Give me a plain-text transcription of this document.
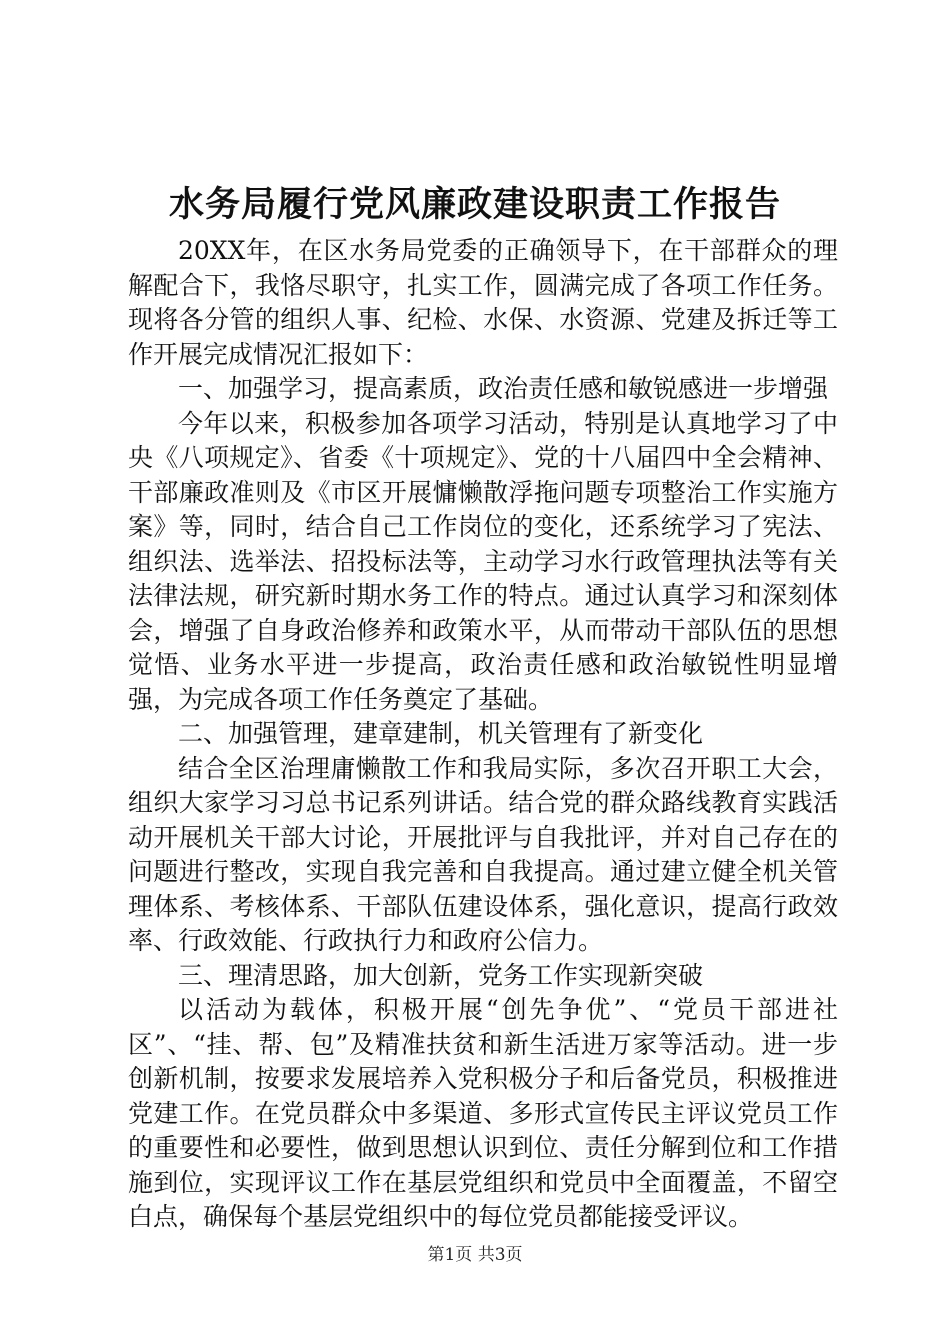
水务局履行党风廉政建设职责工作报告

20XX年，在区水务局党委的正确领导下，在干部群众的理解配合下，我恪尽职守，扎实工作，圆满完成了各项工作任务。现将各分管的组织人事、纪检、水保、水资源、党建及拆迁等工作开展完成情况汇报如下：

一、加强学习，提高素质，政治责任感和敏锐感进一步增强

今年以来，积极参加各项学习活动，特别是认真地学习了中央《八项规定》、省委《十项规定》、党的十八届四中全会精神、干部廉政准则及《市区开展慵懒散浮拖问题专项整治工作实施方案》等，同时，结合自己工作岗位的变化，还系统学习了宪法、组织法、选举法、招投标法等，主动学习水行政管理执法等有关法律法规，研究新时期水务工作的特点。通过认真学习和深刻体会，增强了自身政治修养和政策水平，从而带动干部队伍的思想觉悟、业务水平进一步提高，政治责任感和政治敏锐性明显增强，为完成各项工作任务奠定了基础。

二、加强管理，建章建制，机关管理有了新变化

结合全区治理庸懒散工作和我局实际，多次召开职工大会，组织大家学习习总书记系列讲话。结合党的群众路线教育实践活动开展机关干部大讨论，开展批评与自我批评，并对自己存在的问题进行整改，实现自我完善和自我提高。通过建立健全机关管理体系、考核体系、干部队伍建设体系，强化意识，提高行政效率、行政效能、行政执行力和政府公信力。

三、理清思路，加大创新，党务工作实现新突破

以活动为载体，积极开展“创先争优”、“党员干部进社区”、“挂、帮、包”及精准扶贫和新生活进万家等活动。进一步创新机制，按要求发展培养入党积极分子和后备党员，积极推进党建工作。在党员群众中多渠道、多形式宣传民主评议党员工作的重要性和必要性，做到思想认识到位、责任分解到位和工作措施到位，实现评议工作在基层党组织和党员中全面覆盖，不留空白点，确保每个基层党组织中的每位党员都能接受评议。

第1页 共3页
